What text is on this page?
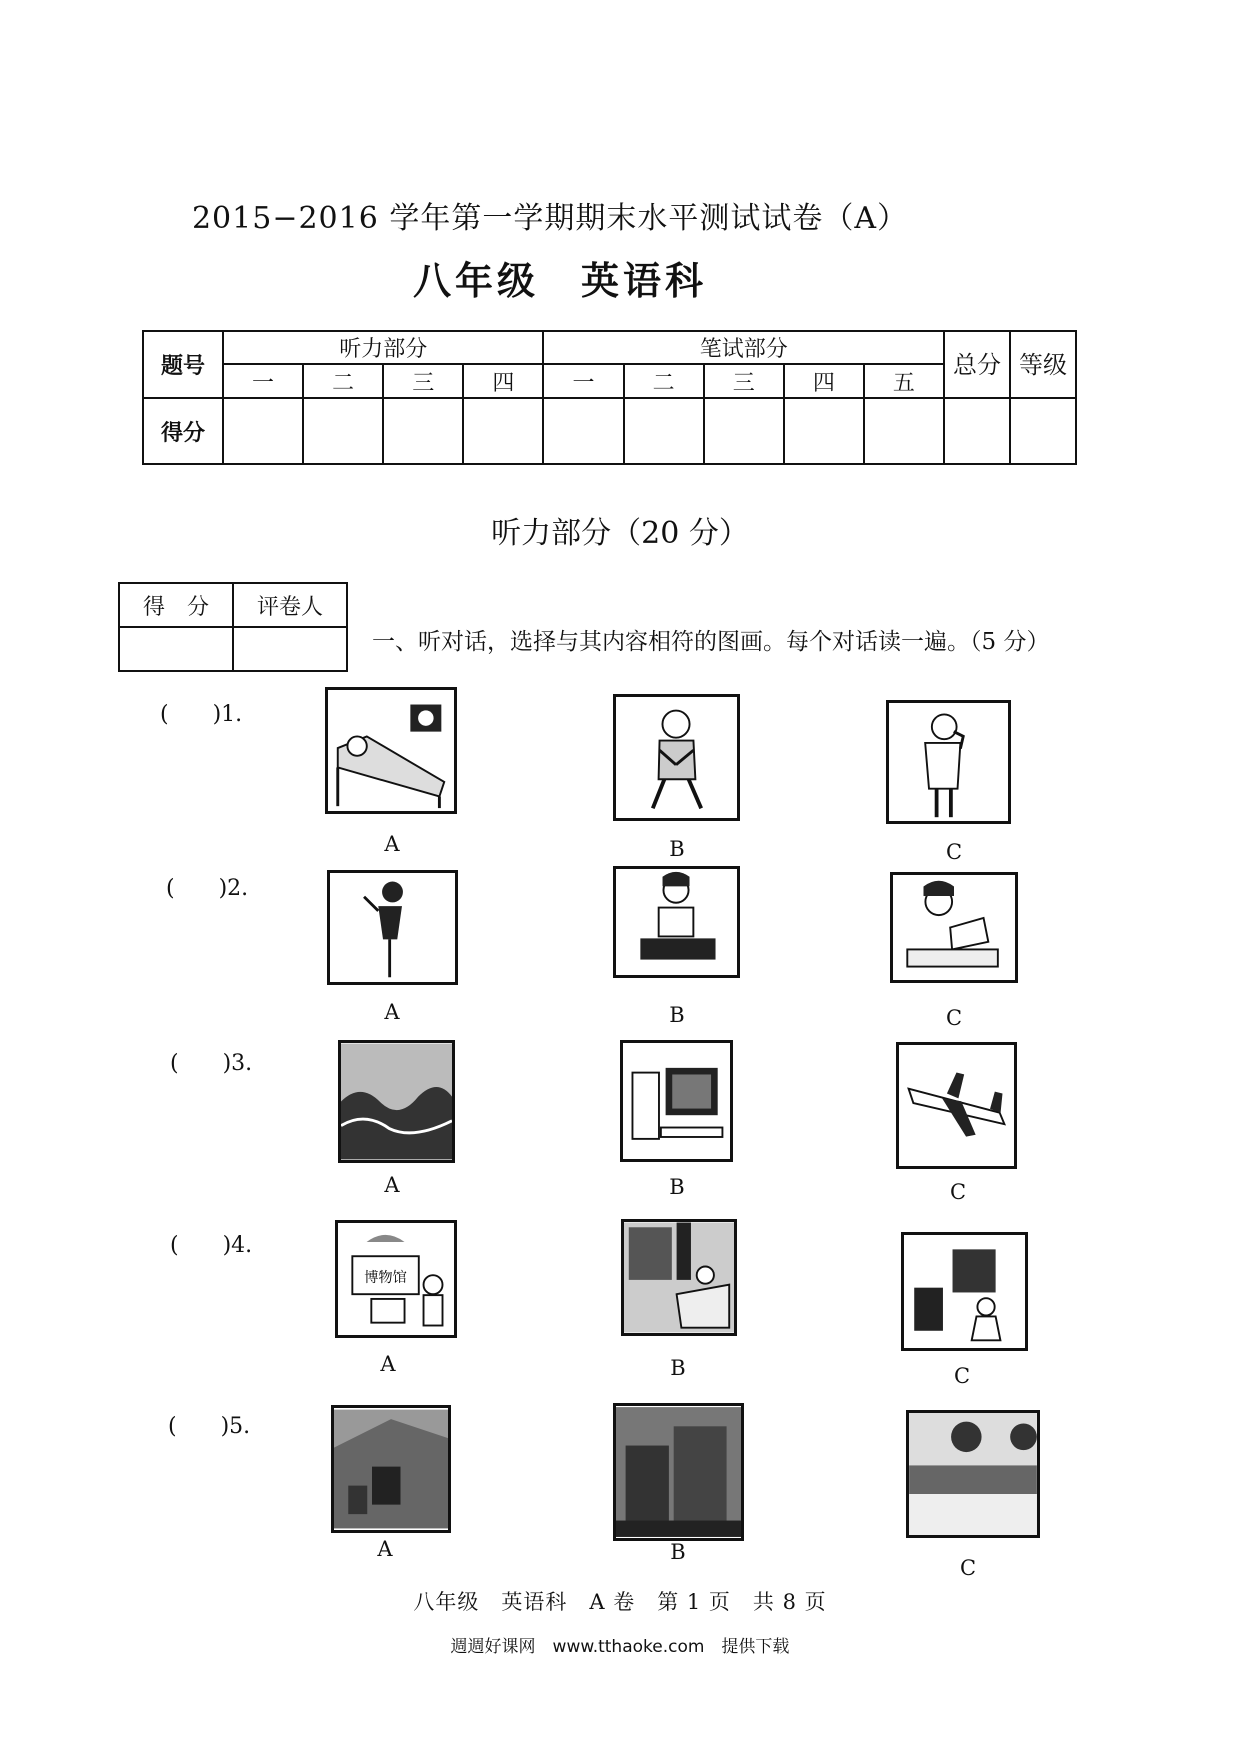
2015−2016 学年第一学期期末水平测试试卷（A）
八年级　英语科
题号	听力部分				笔试部分					总分	等级
	一	二	三	四	一	二	三	四	五		
得分											
听力部分（20 分）
得　分	评卷人

一、听对话，选择与其内容相符的图画。每个对话读一遍。（5 分）
(　　)1.
(　　)2.
(　　)3.
(　　)4.
(　　)5.
A	B	C
A	B	C
A	B	C
博物馆
A	B	C
A	B
C
八年级　英语科　A 卷　第 1 页　共 8 页
週週好课网　www.tthaoke.com　提供下载
